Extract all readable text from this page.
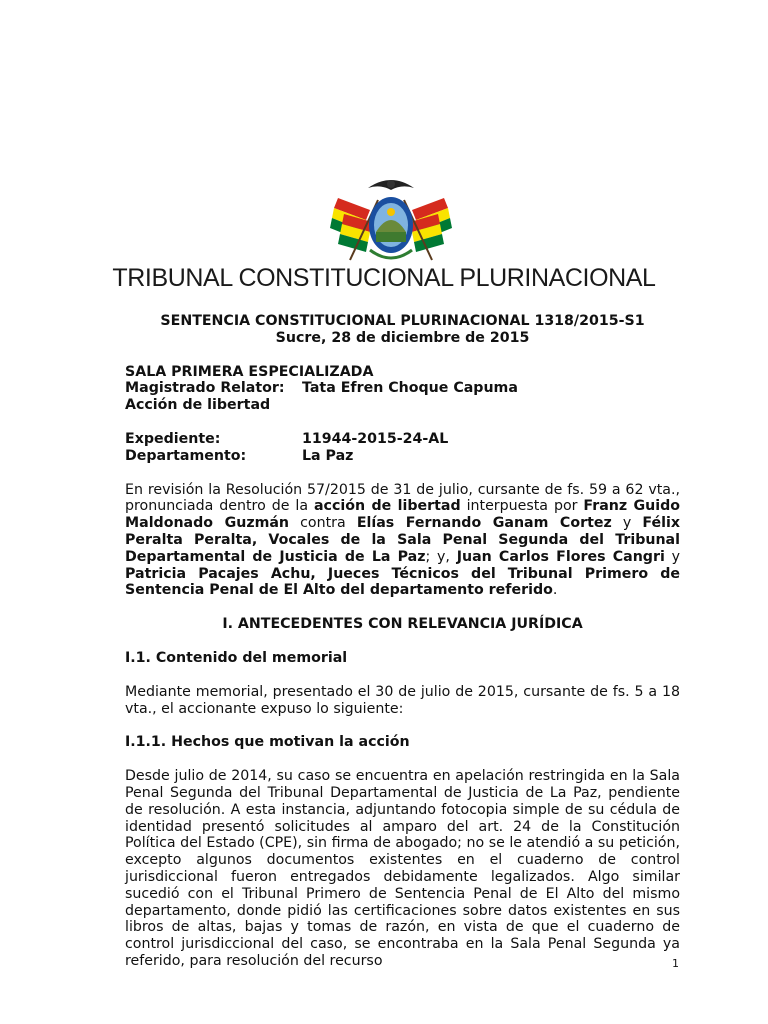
TRIBUNAL CONSTITUCIONAL PLURINACIONAL

SENTENCIA CONSTITUCIONAL PLURINACIONAL 1318/2015-S1

Sucre, 28 de diciembre de 2015

SALA PRIMERA ESPECIALIZADA

Magistrado Relator:	Tata Efren Choque Capuma

Acción de libertad

Expediente:	11944-2015-24-AL
Departamento:	La Paz

En revisión la Resolución 57/2015 de 31 de julio, cursante de fs. 59 a 62 vta., pronunciada dentro de la acción de libertad interpuesta por Franz Guido Maldonado Guzmán contra Elías Fernando Ganam Cortez y Félix Peralta Peralta, Vocales de la Sala Penal Segunda del Tribunal Departamental de Justicia de La Paz; y, Juan Carlos Flores Cangri y Patricia Pacajes Achu, Jueces Técnicos del Tribunal Primero de Sentencia Penal de El Alto del departamento referido.

I. ANTECEDENTES CON RELEVANCIA JURÍDICA

I.1. Contenido del memorial

Mediante memorial, presentado el 30 de julio de 2015, cursante de fs. 5 a 18 vta., el accionante expuso lo siguiente:

I.1.1. Hechos que motivan la acción

Desde julio de 2014, su caso se encuentra en apelación restringida en la Sala Penal Segunda del Tribunal Departamental de Justicia de La Paz, pendiente de resolución. A esta instancia, adjuntando fotocopia simple de su cédula de identidad presentó solicitudes al amparo del art. 24 de la Constitución Política del Estado (CPE), sin firma de abogado; no se le atendió a su petición, excepto algunos documentos existentes en el cuaderno de control jurisdiccional fueron entregados debidamente legalizados. Algo similar sucedió con el Tribunal Primero de Sentencia Penal de El Alto del mismo departamento, donde pidió las certificaciones sobre datos existentes en sus libros de altas, bajas y tomas de razón, en vista de que el cuaderno de control jurisdiccional del caso, se encontraba en la Sala Penal Segunda ya referido, para resolución del recurso	1
